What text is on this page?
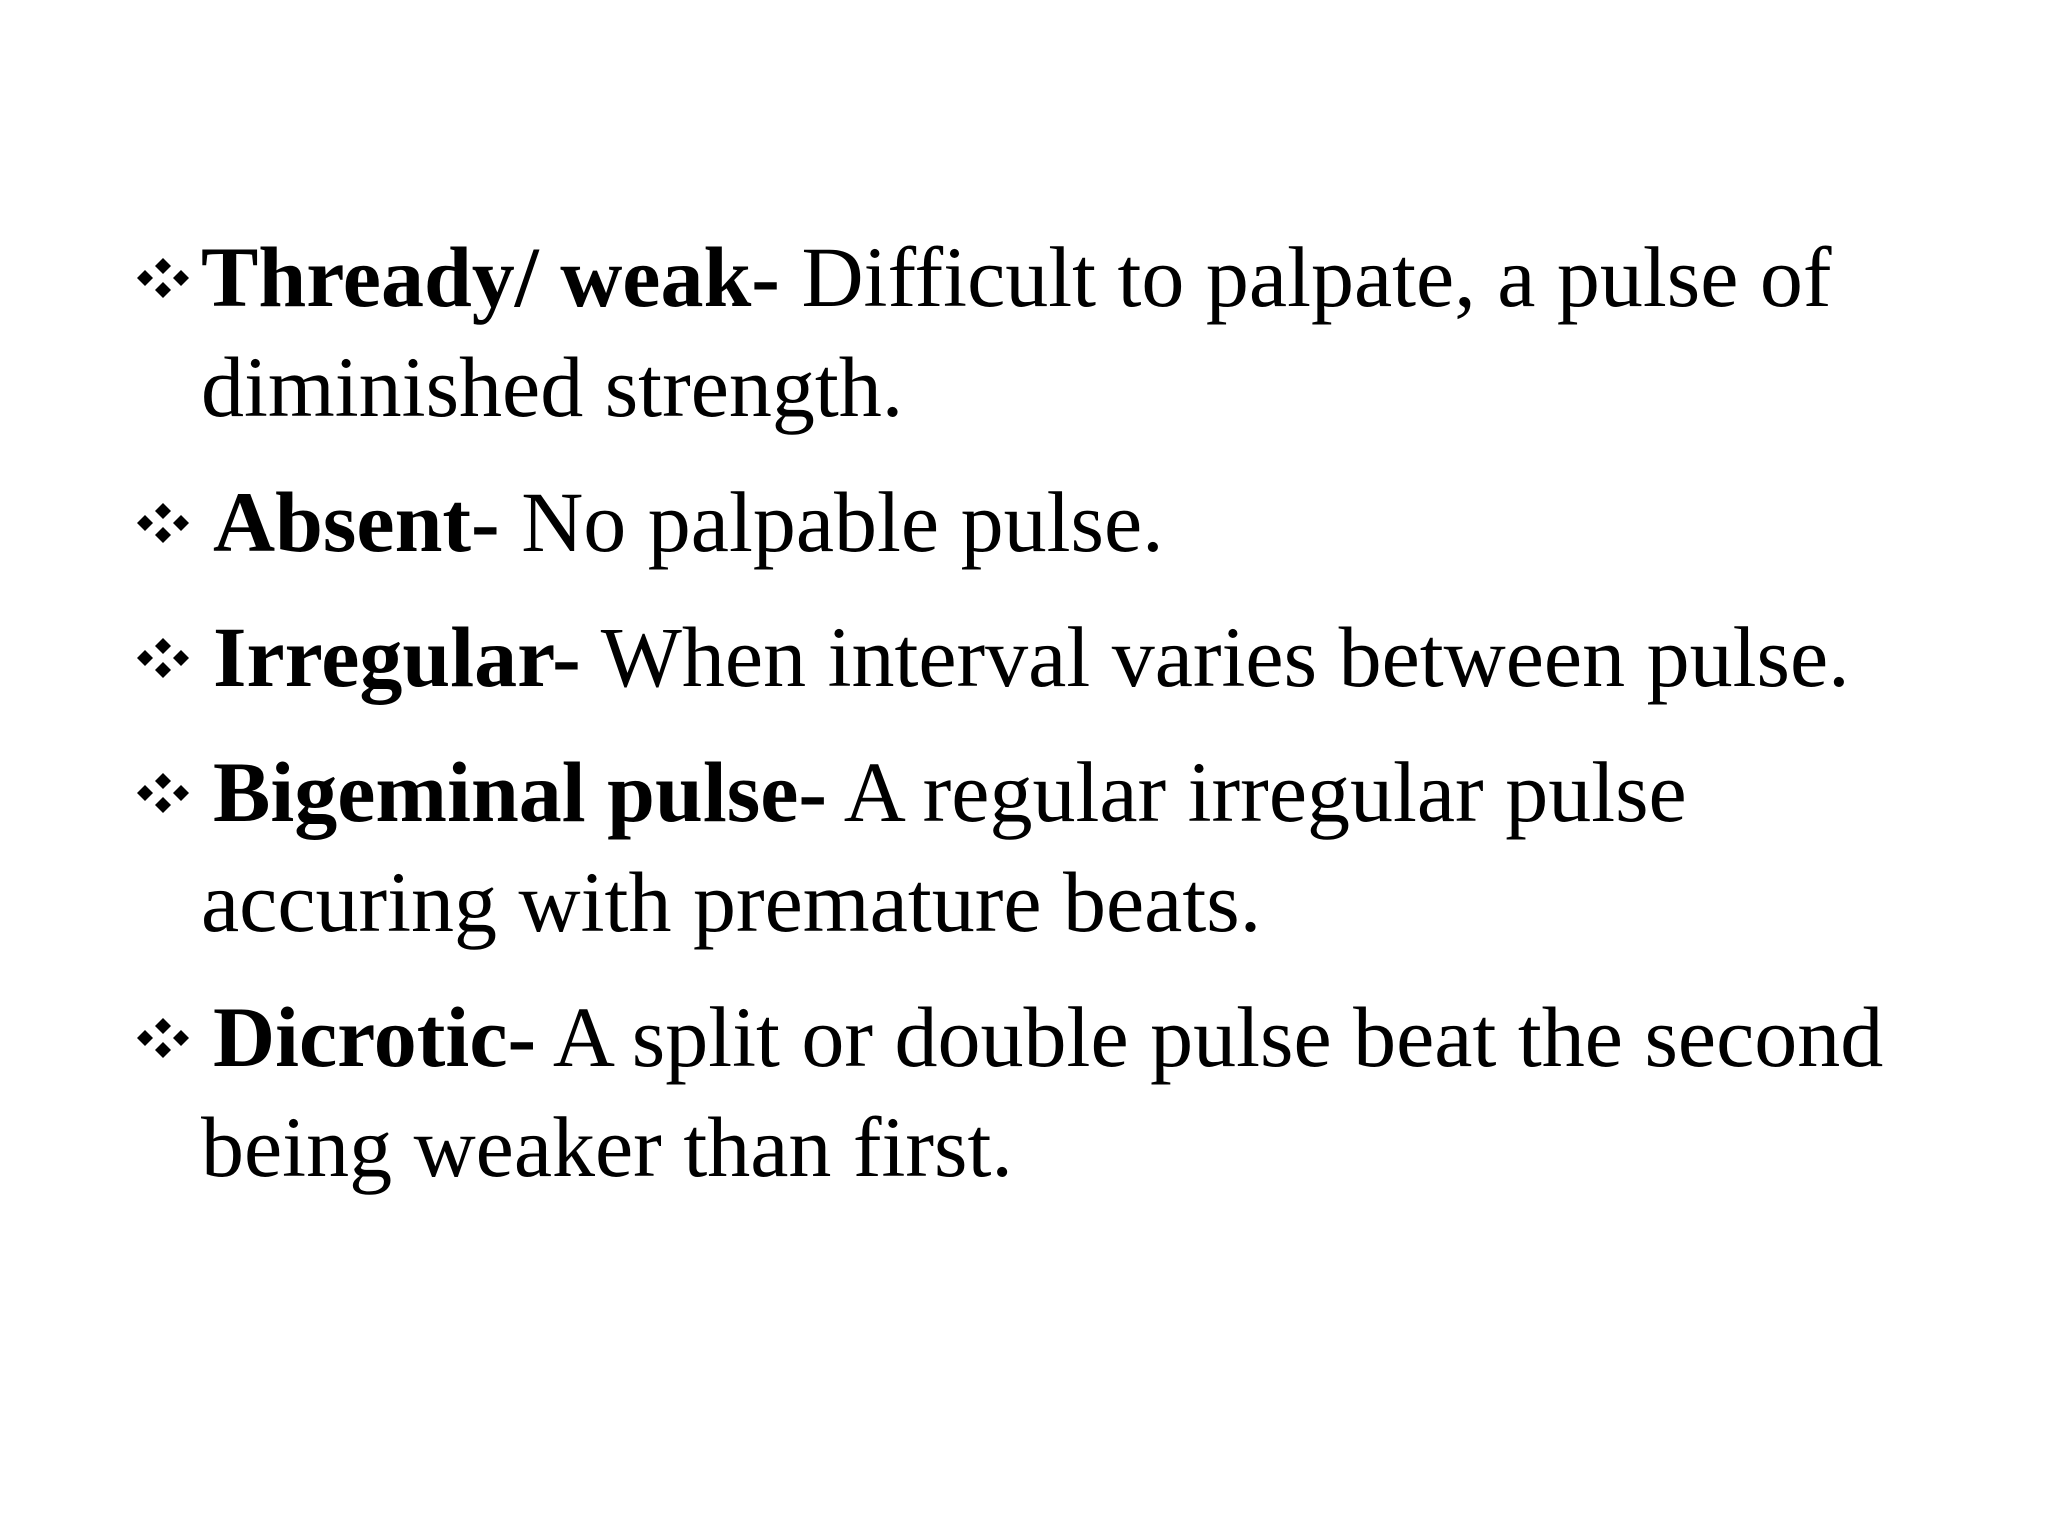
Thready/ weak- Difficult to palpate, a pulse of diminished strength.
Absent- No palpable pulse.
Irregular- When interval varies between pulse.
Bigeminal pulse- A regular irregular pulse accuring with premature beats.
Dicrotic- A split or double pulse beat the second being weaker than first.
